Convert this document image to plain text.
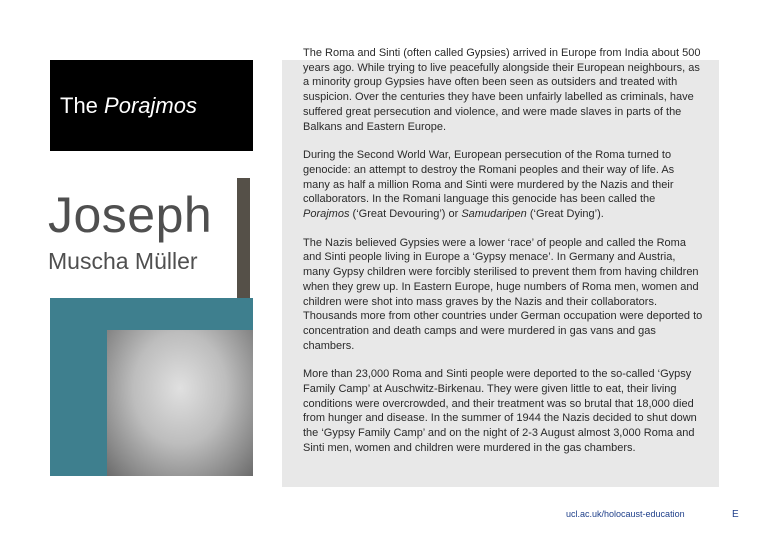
The
Porajmos
Joseph
Muscha Müller

The Roma and Sinti (often called Gypsies) arrived in Europe from India about 500 years ago. While trying to live peacefully alongside their European neighbours, as a minority group Gypsies have often been seen as outsiders and treated with suspicion. Over the centuries they have been unfairly labelled as criminals, have suffered great persecution and violence, and were made slaves in parts of the Balkans and Eastern Europe.

During the Second World War, European persecution of the Roma turned to genocide: an attempt to destroy the Romani peoples and their way of life. As many as half a million Roma and Sinti were murdered by the Nazis and their collaborators. In the Romani language this genocide has been called the Porajmos (‘Great Devouring’) or Samudaripen (‘Great Dying’).

The Nazis believed Gypsies were a lower ‘race’ of people and called the Roma and Sinti people living in Europe a ‘Gypsy menace’. In Germany and Austria, many Gypsy children were forcibly sterilised to prevent them from having children when they grew up. In Eastern Europe, huge numbers of Roma men, women and children were shot into mass graves by the Nazis and their collaborators. Thousands more from other countries under German occupation were deported to concentration and death camps and were murdered in gas vans and gas chambers.

More than 23,000 Roma and Sinti people were deported to the so-called ‘Gypsy Family Camp’ at Auschwitz-Birkenau. They were given little to eat, their living conditions were overcrowded, and their treatment was so brutal that 18,000 died from hunger and disease. In the summer of 1944 the Nazis decided to shut down the ‘Gypsy Family Camp’ and on the night of 2-3 August almost 3,000 Roma and Sinti men, women and children were murdered in the gas chambers.

ucl.ac.uk/holocaust-education	E
